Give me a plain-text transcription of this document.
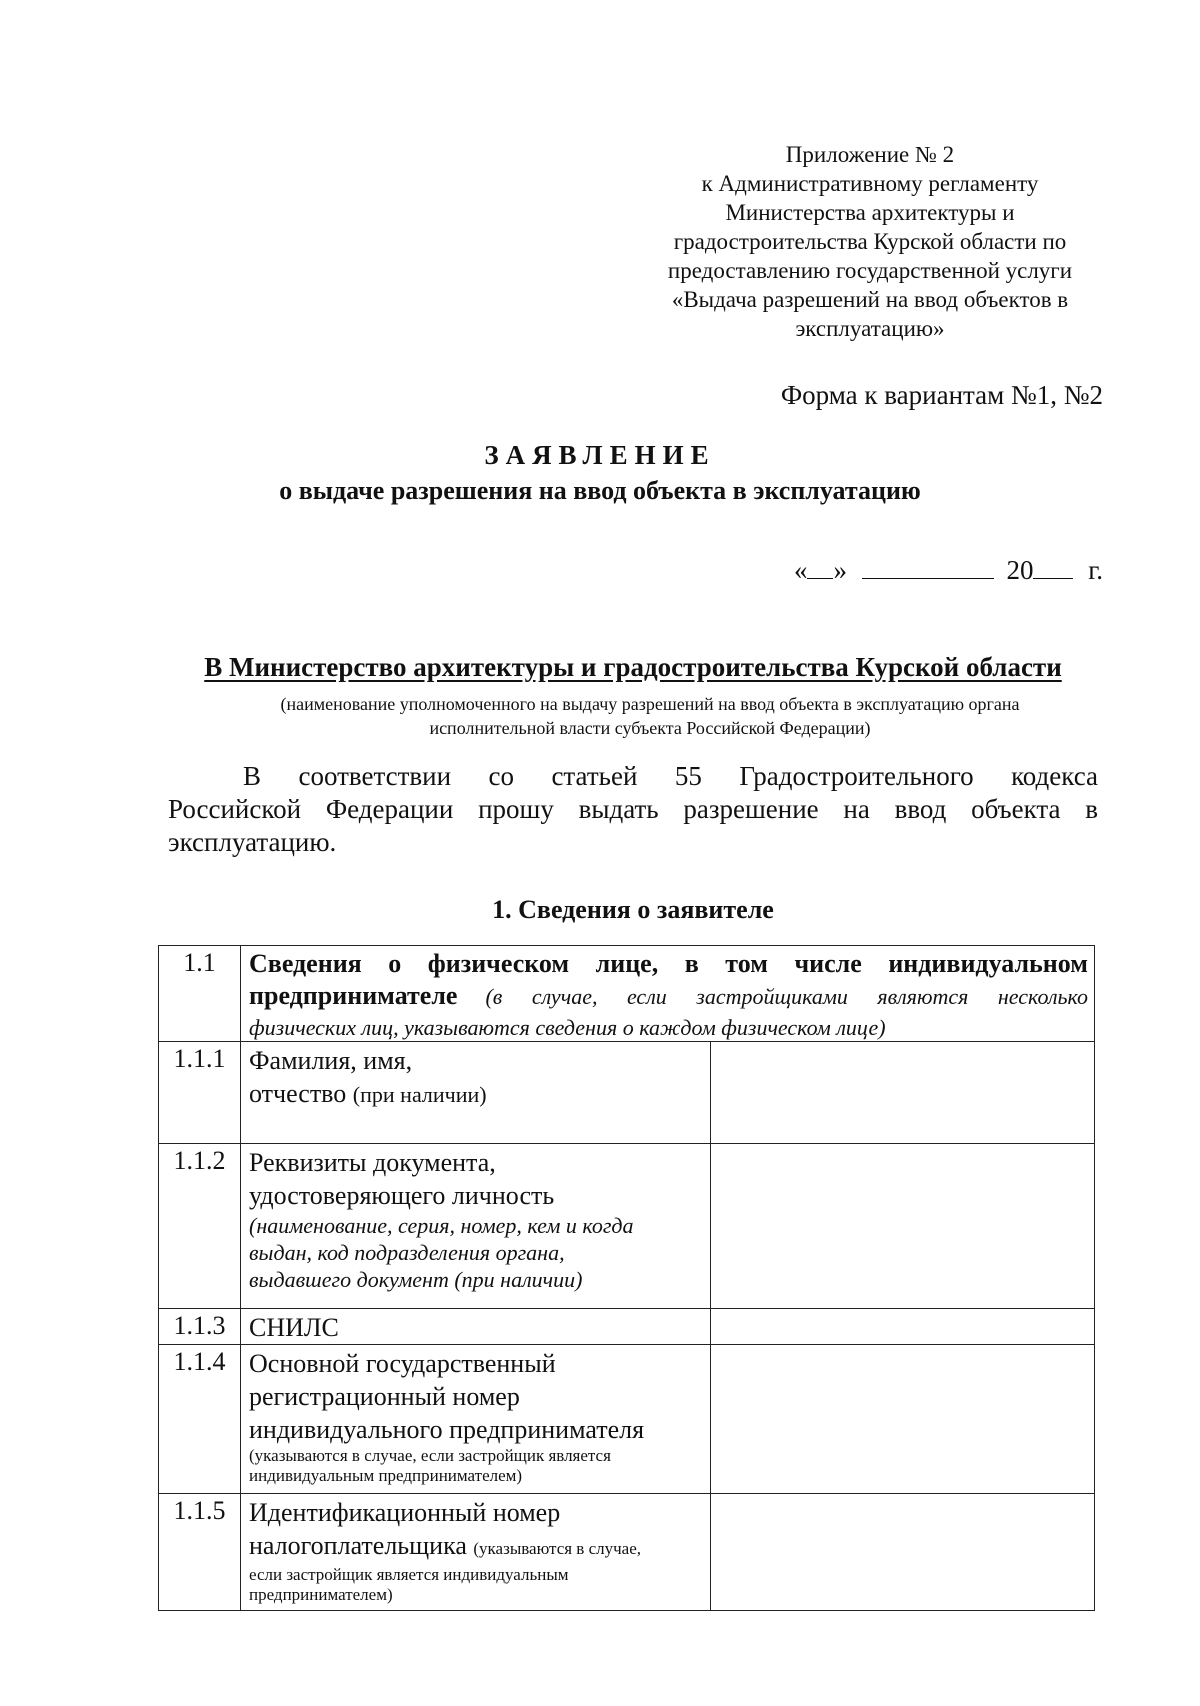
Приложение № 2
к Административному регламенту
Министерства архитектуры и
градостроительства Курской области по
предоставлению государственной услуги
«Выдача разрешений на ввод объектов в
эксплуатацию»
Форма к вариантам №1, №2
ЗАЯВЛЕНИЕ
о выдаче разрешения на ввод объекта в эксплуатацию
« »	20 г.
В Министерство архитектуры и градостроительства Курской области
(наименование уполномоченного на выдачу разрешений на ввод объекта в эксплуатацию органа
исполнительной власти субъекта Российской Федерации)
В соответствии со статьей 55 Градостроительного кодекса
Российской Федерации прошу выдать разрешение на ввод объекта в
эксплуатацию.
1. Сведения о заявителе
1.1	Сведения о физическом лице, в том числе индивидуальном
предпринимателе (в случае, если застройщиками являются несколько
физических лиц, указываются сведения о каждом физическом лице)	

1.1.1	Фамилия, имя,
отчество (при наличии)	

1.1.2	Реквизиты документа,
удостоверяющего личность
(наименование, серия, номер, кем и когда
выдан, код подразделения органа,
выдавшего документ (при наличии)	

1.1.3	СНИЛС	

1.1.4	Основной государственный
регистрационный номер
индивидуального предпринимателя
(указываются в случае, если застройщик является
индивидуальным предпринимателем)	

1.1.5	Идентификационный номер
налогоплательщика (указываются в случае,
если застройщик является индивидуальным
предпринимателем)	
